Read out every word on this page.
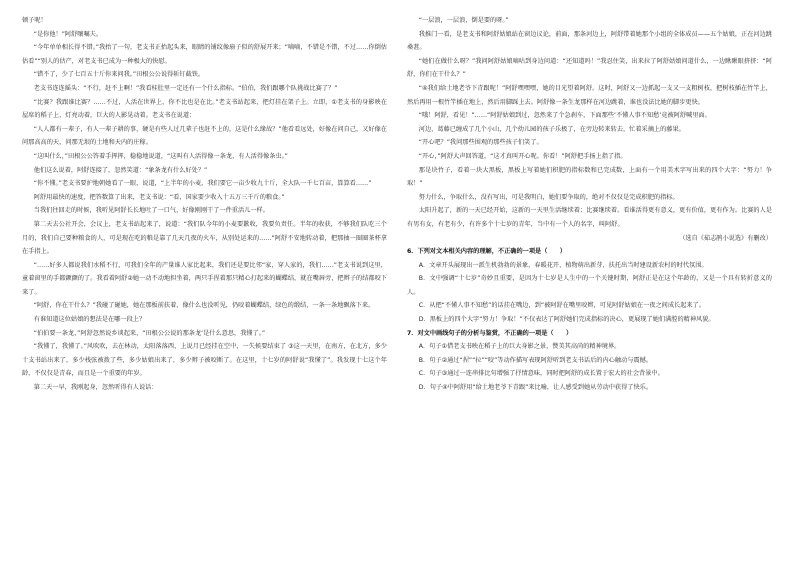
顿子呢！

“是你他！”阿舒嚷嘱夫。

“今年单单相长得不错。”我抬了一句，老支书正抬起头来，眼睛的铺纹像扇子似的舒展开来；“嘀嘀，不错是不错，不过……你倒估估看”“别人的估产，对老支书已成为一种极大的快慰。

“错不了，少了七百五十斤你来问我。”田根公公说得斩钉截铁。

老支书连连摇头：“不行，赶不上啊！”我看桂肚里一定还有一个什么指标。“伯伯，我们跟哪个队挑战比赛了？”

“比赛？我跟谁比赛？……不过，人活在世界上，你不比也是在比。”老支书站起来，把灯挂在架子上。立即，①老支书的身影映在屋席的稻子上，灯亮动着，巨大的人影晃动着。老支书在说道：

“人人都有一辈子，有人一辈子耕的事，硬是有些人过几辈子也赶不上的，这是什么缘故？”他看看远处，好像在问自己，又好像在问那高高的天，问那无垠的土地和天内的庄稼。

“这叫什么，”田根公公答着手挥挥，稳稳地说道，“这叫有人活得像一条龙，有人活得像条虫。”

他们这么说着，阿舒连接了，忽然笑道：“象条龙有什么好处？”

“你不懂。”老支书要护地朝她看了一眼，说道，“上半年的小麦，我们要它一亩少收九十斤，全大队一千七百亩，算算看……”

阿舒用最快的速度，把答数算了出来，老支书说：“看，国家要少收入十五万三千斤的粮食。”

当我们往回走的时候，我听见阿舒长长地吐了一口气，好像刚刚干了一件重活儿一样。

第二天去公社开会，会议上，老支书站起来了，说道：“我们队今年的小麦要歉收，我要负责任。半年的收获，不够我们队吃三个月的，我们自己要种粮食的人，可是现在吃的粮是靠了几天几夜的火车，从别处运来的……”阿舒不安地转动着，把那抽一圈圈茶杯拿在手指上。

“……好多人都说我们水稻不行，可我们全年的产量谁人家比起来，我们还是要比邻“家，穿人家的，我们……”老支书说到这里，童着窗里的手都颤颤的了。我看着阿舒②她一动不动地担坐着，两只手捏着那只精心打起来的蝴蝶结，就在嘴唇旁，把辫子的结都咬下来了。

“阿舒，你在干什么？”我碰了碰她，她在那板前扶着，像什么也没听见，仍咬着蝴蝶结，绿色的缎结，一条一条地飘落下来。

有谁知道这位姑娘的想法是在哪一段上？

“伯伯要一条龙，”阿舒忽然说乡谈起来，“田根公公说的那条龙‘是什么意思，我懂了。”

“我懂了，我懂了。”风吹吹，去在林动，太阳落落西，上说月已经挂在空中，一失候要结束了 ③这一天里，在南方，在北方，多少十支书站出来了，多少栈弦被拨了些，多少姑娘出来了，多少辫子被咬断了。在这里，十七岁的阿舒说“我懂了”。我发现十七这个年龄，不仅仅是青春，而且是一个重要的年岁。

第二天一早，我刚起身，忽然听得有人说话：

“一层浪，一层浪，倒是要的呀。”

我推门一看，是老支书和阿舒姑娘站在窗边议论，前面，那条河边上，阿舒带着她那个小组的全体成员——五个姑娘，正在河边跳桑葚。

“她们在做什么呀？”我问阿舒姑娘嘀咕到身边问道：“还知道吗！”我忍住笑，出来拉了阿舒姑娘问道什么，一边瞅瞅眼挤挤：“阿舒，你们在干什么？”

“④我们给土地老爷下青跟呢！”阿舒嘿嘿嘿，她的目光望着阿舒。这时，阿舒又一边抓起一支又一支粗树枝，把树枝插在竹竿上，然后再用一根竹竿插在地上，然后用脚踩上去。阿舒像一条生龙那样在河边跳着，谁也没法比她的脚步更快。

“哦！阿舒，看见！”……“阿舒姑娘到过，忽然来了个急刹车，下面那些‘不懂人事不知愁’竟被阿舒喊里面。

河边，葛藤已缠成了几个小山，几个幼儿园的孩子乐极了，在旁边转来转去，忙着采摘上的藤果。

“开心吧？”我问那些围观的那些孩子们笑了。

“开心，”阿舒大声回答道，“这才真叫开心呢。你看！”阿舒把手扬上指了指。

那是块竹子，看着一块大黑板，黑板上写着她们积肥的指标数和已完成数，上面有一个用美术字写出来的四个大字：“努力！争取！”

努力什么，争取什么，没有写出，可是我明白，她们要争取的，绝对不仅仅是完成积肥的指标。

太阳升起了，新的一天已经开始，这新的一天里生活继续着；比赛继续着。看谁活得更有意义，更有价值，更有作为。比赛的人是有男有女，有老有少，有许多个十七岁的青年，当中有一个人的名字，叫阿舒。

（选自《茹志鹃小说选》有删改）

6．下列对文本相关内容的理解，不正确的一项是（　　）

A．文章开头展现出一派生机勃勃的景象，春暖花开，植物萌出新芽，扶托出当时建设新农村的时代氛围。

B．文中强调“十七岁”奇妙且重要，是因为十七岁是人生中的一个关键时期，阿舒正是在这个年龄的，又是一个具有转折意义的人。

C．从把“不懂人事不知愁”的话挂在嘴边，到“被阿舒在嘴里咬辫，可见阿舒姑娘在一夜之间成长起来了。

D．黑板上的四个大字“努力！争取！”不仅表达了阿舒她们完成指标的决心，更展现了她们满腔的精神风貌。

7．对文中画线句子的分析与鉴赏，不正确的一项是（　　）

A．句子①借老支书映在稻子上的巨大身影之景，赞美其高尚的精神境界。

B．句子②通过“捏”“拉”“咬”等动作描写表现阿舒听到老支书话后的内心触动与震撼。

C．句子③通过一连串排比句增强了抒情意味，同时把阿舒的成长置于宏大的社会背景中。

D．句子④中阿舒用“给土地老爷下青跟”来比喻，让人感受到她从劳动中获得了快乐。
